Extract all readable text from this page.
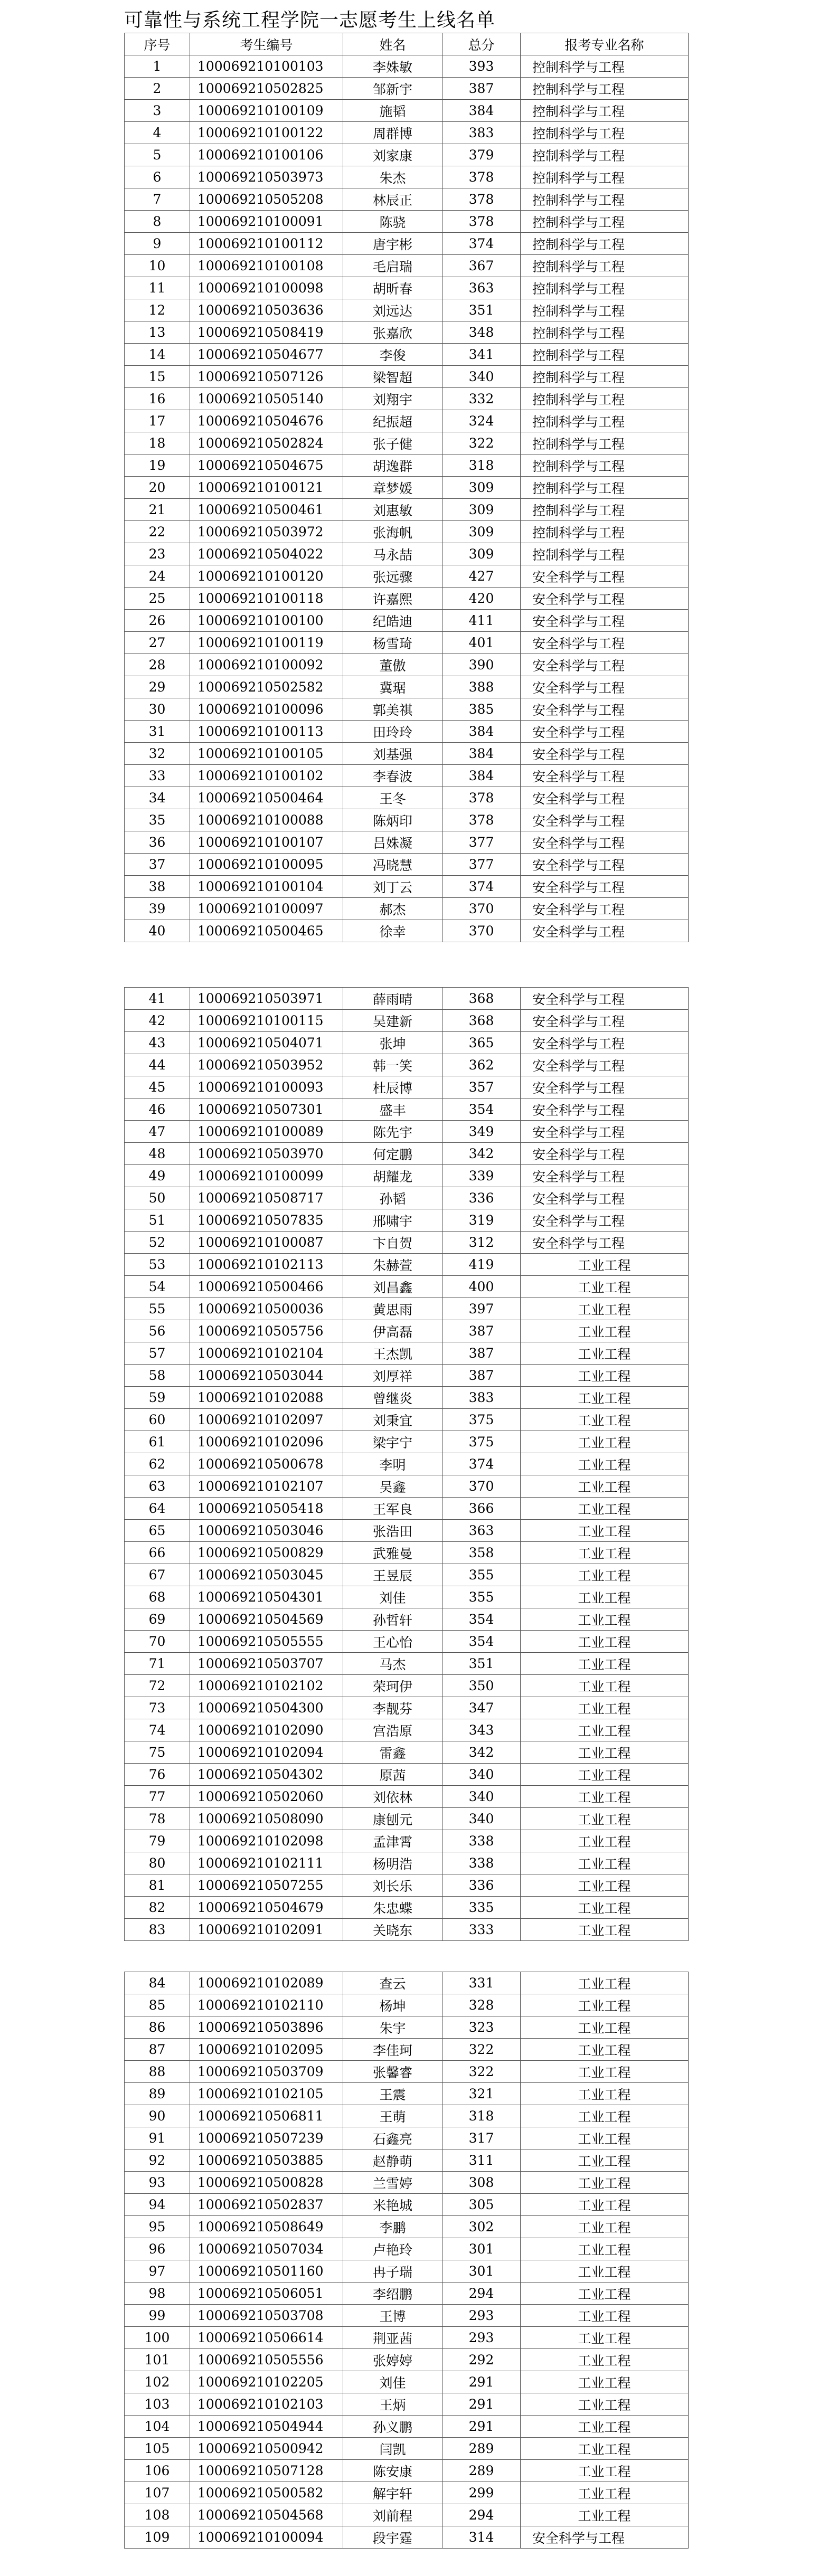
可靠性与系统工程学院一志愿考生上线名单
序号	考生编号	姓名	总分	报考专业名称
1	100069210100103	李姝敏	393	控制科学与工程
2	100069210502825	邹新宇	387	控制科学与工程
3	100069210100109	施韬	384	控制科学与工程
4	100069210100122	周群博	383	控制科学与工程
5	100069210100106	刘家康	379	控制科学与工程
6	100069210503973	朱杰	378	控制科学与工程
7	100069210505208	林辰正	378	控制科学与工程
8	100069210100091	陈骁	378	控制科学与工程
9	100069210100112	唐宇彬	374	控制科学与工程
10	100069210100108	毛启瑞	367	控制科学与工程
11	100069210100098	胡昕春	363	控制科学与工程
12	100069210503636	刘远达	351	控制科学与工程
13	100069210508419	张嘉欣	348	控制科学与工程
14	100069210504677	李俊	341	控制科学与工程
15	100069210507126	梁智超	340	控制科学与工程
16	100069210505140	刘翔宇	332	控制科学与工程
17	100069210504676	纪振超	324	控制科学与工程
18	100069210502824	张子健	322	控制科学与工程
19	100069210504675	胡逸群	318	控制科学与工程
20	100069210100121	章梦媛	309	控制科学与工程
21	100069210500461	刘惠敏	309	控制科学与工程
22	100069210503972	张海帆	309	控制科学与工程
23	100069210504022	马永喆	309	控制科学与工程
24	100069210100120	张远骤	427	安全科学与工程
25	100069210100118	许嘉熙	420	安全科学与工程
26	100069210100100	纪皓迪	411	安全科学与工程
27	100069210100119	杨雪琦	401	安全科学与工程
28	100069210100092	董傲	390	安全科学与工程
29	100069210502582	冀琚	388	安全科学与工程
30	100069210100096	郭美祺	385	安全科学与工程
31	100069210100113	田玲玲	384	安全科学与工程
32	100069210100105	刘基强	384	安全科学与工程
33	100069210100102	李春波	384	安全科学与工程
34	100069210500464	王冬	378	安全科学与工程
35	100069210100088	陈炳印	378	安全科学与工程
36	100069210100107	吕姝凝	377	安全科学与工程
37	100069210100095	冯晓慧	377	安全科学与工程
38	100069210100104	刘丁云	374	安全科学与工程
39	100069210100097	郝杰	370	安全科学与工程
40	100069210500465	徐幸	370	安全科学与工程
41	100069210503971	薛雨晴	368	安全科学与工程
42	100069210100115	吴建新	368	安全科学与工程
43	100069210504071	张坤	365	安全科学与工程
44	100069210503952	韩一笑	362	安全科学与工程
45	100069210100093	杜辰博	357	安全科学与工程
46	100069210507301	盛丰	354	安全科学与工程
47	100069210100089	陈先宇	349	安全科学与工程
48	100069210503970	何定鹏	342	安全科学与工程
49	100069210100099	胡耀龙	339	安全科学与工程
50	100069210508717	孙韬	336	安全科学与工程
51	100069210507835	邢啸宇	319	安全科学与工程
52	100069210100087	卞自贺	312	安全科学与工程
53	100069210102113	朱赫萱	419	工业工程
54	100069210500466	刘昌鑫	400	工业工程
55	100069210500036	黄思雨	397	工业工程
56	100069210505756	伊高磊	387	工业工程
57	100069210102104	王杰凯	387	工业工程
58	100069210503044	刘厚祥	387	工业工程
59	100069210102088	曾继炎	383	工业工程
60	100069210102097	刘秉宜	375	工业工程
61	100069210102096	梁宇宁	375	工业工程
62	100069210500678	李明	374	工业工程
63	100069210102107	吴鑫	370	工业工程
64	100069210505418	王军良	366	工业工程
65	100069210503046	张浩田	363	工业工程
66	100069210500829	武雅曼	358	工业工程
67	100069210503045	王昱辰	355	工业工程
68	100069210504301	刘佳	355	工业工程
69	100069210504569	孙哲轩	354	工业工程
70	100069210505555	王心怡	354	工业工程
71	100069210503707	马杰	351	工业工程
72	100069210102102	荣珂伊	350	工业工程
73	100069210504300	李靓芬	347	工业工程
74	100069210102090	宫浩原	343	工业工程
75	100069210102094	雷鑫	342	工业工程
76	100069210504302	原茜	340	工业工程
77	100069210502060	刘依林	340	工业工程
78	100069210508090	康刨元	340	工业工程
79	100069210102098	孟津霄	338	工业工程
80	100069210102111	杨明浩	338	工业工程
81	100069210507255	刘长乐	336	工业工程
82	100069210504679	朱忠蝶	335	工业工程
83	100069210102091	关晓东	333	工业工程
84	100069210102089	查云	331	工业工程
85	100069210102110	杨坤	328	工业工程
86	100069210503896	朱宇	323	工业工程
87	100069210102095	李佳珂	322	工业工程
88	100069210503709	张馨睿	322	工业工程
89	100069210102105	王震	321	工业工程
90	100069210506811	王萌	318	工业工程
91	100069210507239	石鑫亮	317	工业工程
92	100069210503885	赵静萌	311	工业工程
93	100069210500828	兰雪婷	308	工业工程
94	100069210502837	米艳城	305	工业工程
95	100069210508649	李鹏	302	工业工程
96	100069210507034	卢艳玲	301	工业工程
97	100069210501160	冉子瑞	301	工业工程
98	100069210506051	李绍鹏	294	工业工程
99	100069210503708	王博	293	工业工程
100	100069210506614	荆亚茜	293	工业工程
101	100069210505556	张婷婷	292	工业工程
102	100069210102205	刘佳	291	工业工程
103	100069210102103	王炳	291	工业工程
104	100069210504944	孙义鹏	291	工业工程
105	100069210500942	闫凯	289	工业工程
106	100069210507128	陈安康	289	工业工程
107	100069210500582	解宇轩	299	工业工程
108	100069210504568	刘前程	294	工业工程
109	100069210100094	段宇霆	314	安全科学与工程
